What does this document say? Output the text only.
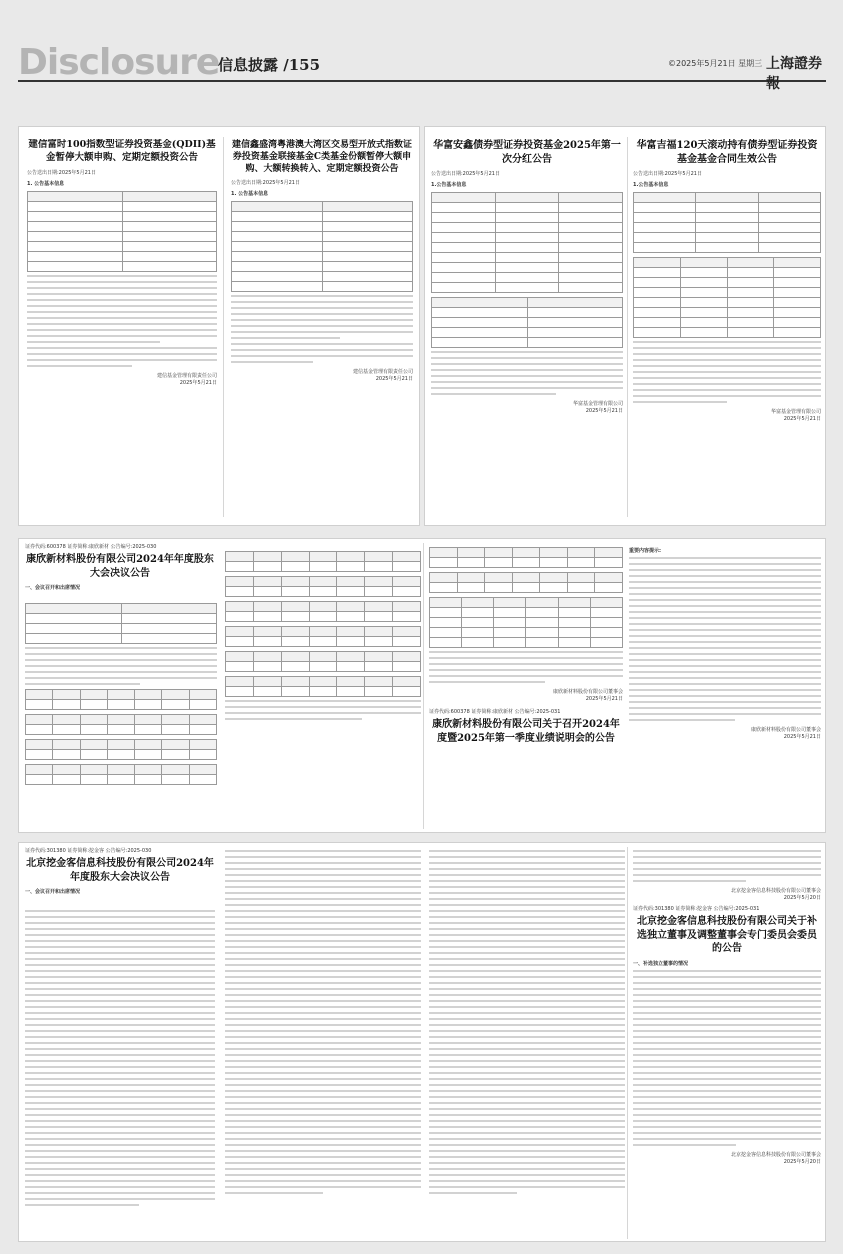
Disclosure
信息披露 /155	©2025年5月21日 星期三 上海證券報
建信富时100指数型证券投资基金(QDII)基金暂停大额申购、定期定额投资公告
公告送出日期:2025年5月21日
1. 公告基本信息

建信基金管理有限责任公司
2025年5月21日
建信鑫盛湾粤港澳大湾区交易型开放式指数证券投资基金联接基金C类基金份额暂停大额申购、大额转换转入、定期定额投资公告
公告送出日期:2025年5月21日
1. 公告基本信息

建信基金管理有限责任公司
2025年5月21日
华富安鑫债券型证券投资基金2025年第一次分红公告
公告送出日期:2025年5月21日
1.公告基本信息

华富基金管理有限公司
2025年5月21日
华富吉福120天滚动持有债券型证券投资基金基金合同生效公告
公告送出日期:2025年5月21日
1.公告基本信息

华富基金管理有限公司
2025年5月21日
证券代码:600378 证券简称:康欣新材 公告编号:2025-030
康欣新材料股份有限公司2024年年度股东大会决议公告
一、会议召开和出席情况

康欣新材料股份有限公司董事会
2025年5月21日
证券代码:600378 证券简称:康欣新材 公告编号:2025-031
康欣新材料股份有限公司关于召开2024年度暨2025年第一季度业绩说明会的公告
重要内容提示:
康欣新材料股份有限公司董事会
2025年5月21日
证券代码:301380 证券简称:挖金客 公告编号:2025-030
北京挖金客信息科技股份有限公司2024年年度股东大会决议公告
一、会议召开和出席情况	北京挖金客信息科技股份有限公司董事会
2025年5月20日
证券代码:301380 证券简称:挖金客 公告编号:2025-031
北京挖金客信息科技股份有限公司关于补选独立董事及调整董事会专门委员会委员的公告
一、补选独立董事的情况
北京挖金客信息科技股份有限公司董事会
2025年5月20日
